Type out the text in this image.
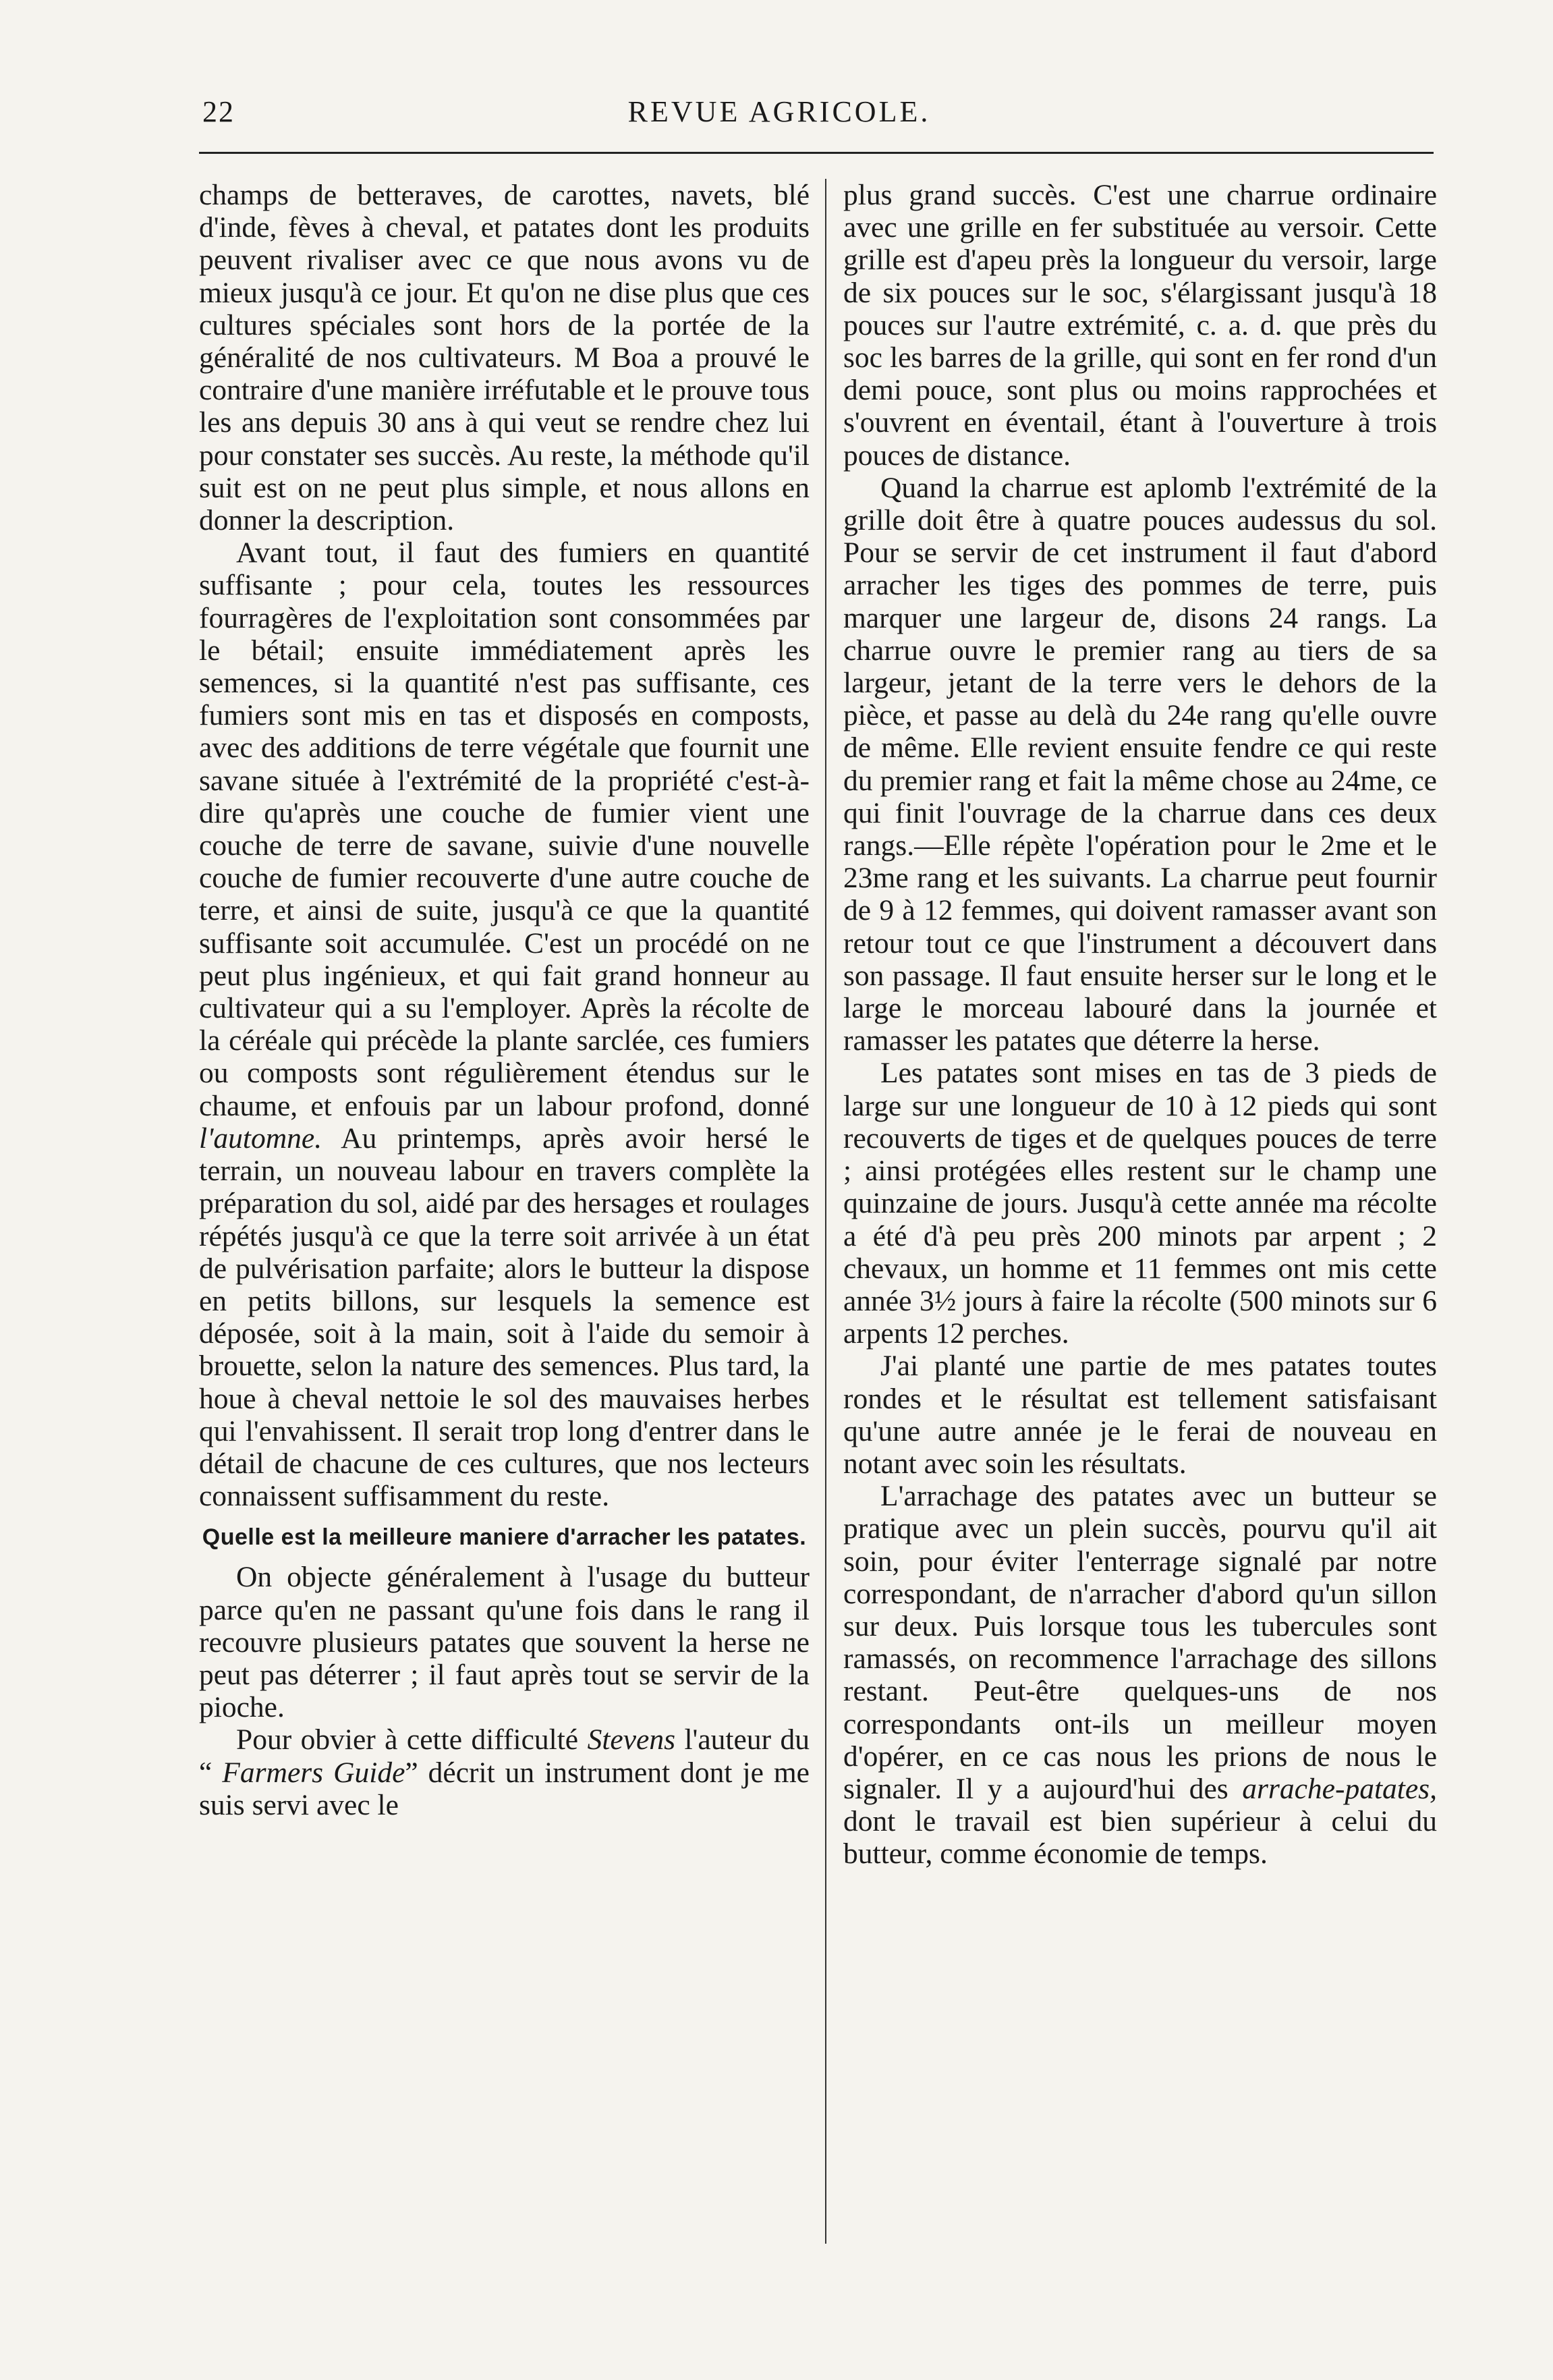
22	REVUE AGRICOLE.

champs de betteraves, de carottes, navets, blé d'inde, fèves à cheval, et patates dont les produits peuvent rivaliser avec ce que nous avons vu de mieux jusqu'à ce jour. Et qu'on ne dise plus que ces cultures spéciales sont hors de la portée de la généralité de nos cultivateurs. M Boa a prouvé le contraire d'une manière irréfutable et le prouve tous les ans depuis 30 ans à qui veut se rendre chez lui pour constater ses succès. Au reste, la méthode qu'il suit est on ne peut plus simple, et nous allons en donner la description.

Avant tout, il faut des fumiers en quantité suffisante ; pour cela, toutes les ressources fourragères de l'exploitation sont consommées par le bétail; ensuite immédiatement après les semences, si la quantité n'est pas suffisante, ces fumiers sont mis en tas et disposés en composts, avec des additions de terre végétale que fournit une savane située à l'extrémité de la propriété c'est-à-dire qu'après une couche de fumier vient une couche de terre de savane, suivie d'une nouvelle couche de fumier recouverte d'une autre couche de terre, et ainsi de suite, jusqu'à ce que la quantité suffisante soit accumulée. C'est un procédé on ne peut plus ingénieux, et qui fait grand honneur au cultivateur qui a su l'employer. Après la récolte de la céréale qui précède la plante sarclée, ces fumiers ou composts sont régulièrement étendus sur le chaume, et enfouis par un labour profond, donné l'automne. Au printemps, après avoir hersé le terrain, un nouveau labour en travers complète la préparation du sol, aidé par des hersages et roulages répétés jusqu'à ce que la terre soit arrivée à un état de pulvérisation parfaite; alors le butteur la dispose en petits billons, sur lesquels la semence est déposée, soit à la main, soit à l'aide du semoir à brouette, selon la nature des semences. Plus tard, la houe à cheval nettoie le sol des mauvaises herbes qui l'envahissent. Il serait trop long d'entrer dans le détail de chacune de ces cultures, que nos lecteurs connaissent suffisamment du reste.

Quelle est la meilleure maniere d'arracher les patates.

On objecte généralement à l'usage du butteur parce qu'en ne passant qu'une fois dans le rang il recouvre plusieurs patates que souvent la herse ne peut pas déterrer ; il faut après tout se servir de la pioche.

Pour obvier à cette difficulté Stevens l'auteur du “ Farmers Guide” décrit un instrument dont je me suis servi avec le

plus grand succès. C'est une charrue ordinaire avec une grille en fer substituée au versoir. Cette grille est d'apeu près la longueur du versoir, large de six pouces sur le soc, s'élargissant jusqu'à 18 pouces sur l'autre extrémité, c. a. d. que près du soc les barres de la grille, qui sont en fer rond d'un demi pouce, sont plus ou moins rapprochées et s'ouvrent en éventail, étant à l'ouverture à trois pouces de distance.

Quand la charrue est aplomb l'extrémité de la grille doit être à quatre pouces audessus du sol. Pour se servir de cet instrument il faut d'abord arracher les tiges des pommes de terre, puis marquer une largeur de, disons 24 rangs. La charrue ouvre le premier rang au tiers de sa largeur, jetant de la terre vers le dehors de la pièce, et passe au delà du 24e rang qu'elle ouvre de même. Elle revient ensuite fendre ce qui reste du premier rang et fait la même chose au 24me, ce qui finit l'ouvrage de la charrue dans ces deux rangs.—Elle répète l'opération pour le 2me et le 23me rang et les suivants. La charrue peut fournir de 9 à 12 femmes, qui doivent ramasser avant son retour tout ce que l'instrument a découvert dans son passage. Il faut ensuite herser sur le long et le large le morceau labouré dans la journée et ramasser les patates que déterre la herse.

Les patates sont mises en tas de 3 pieds de large sur une longueur de 10 à 12 pieds qui sont recouverts de tiges et de quelques pouces de terre ; ainsi protégées elles restent sur le champ une quinzaine de jours. Jusqu'à cette année ma récolte a été d'à peu près 200 minots par arpent ; 2 chevaux, un homme et 11 femmes ont mis cette année 3½ jours à faire la récolte (500 minots sur 6 arpents 12 perches.

J'ai planté une partie de mes patates toutes rondes et le résultat est tellement satisfaisant qu'une autre année je le ferai de nouveau en notant avec soin les résultats.

L'arrachage des patates avec un butteur se pratique avec un plein succès, pourvu qu'il ait soin, pour éviter l'enterrage signalé par notre correspondant, de n'arracher d'abord qu'un sillon sur deux. Puis lorsque tous les tubercules sont ramassés, on recommence l'arrachage des sillons restant. Peut-être quelques-uns de nos correspondants ont-ils un meilleur moyen d'opérer, en ce cas nous les prions de nous le signaler. Il y a aujourd'hui des arrache-patates, dont le travail est bien supérieur à celui du butteur, comme économie de temps.
